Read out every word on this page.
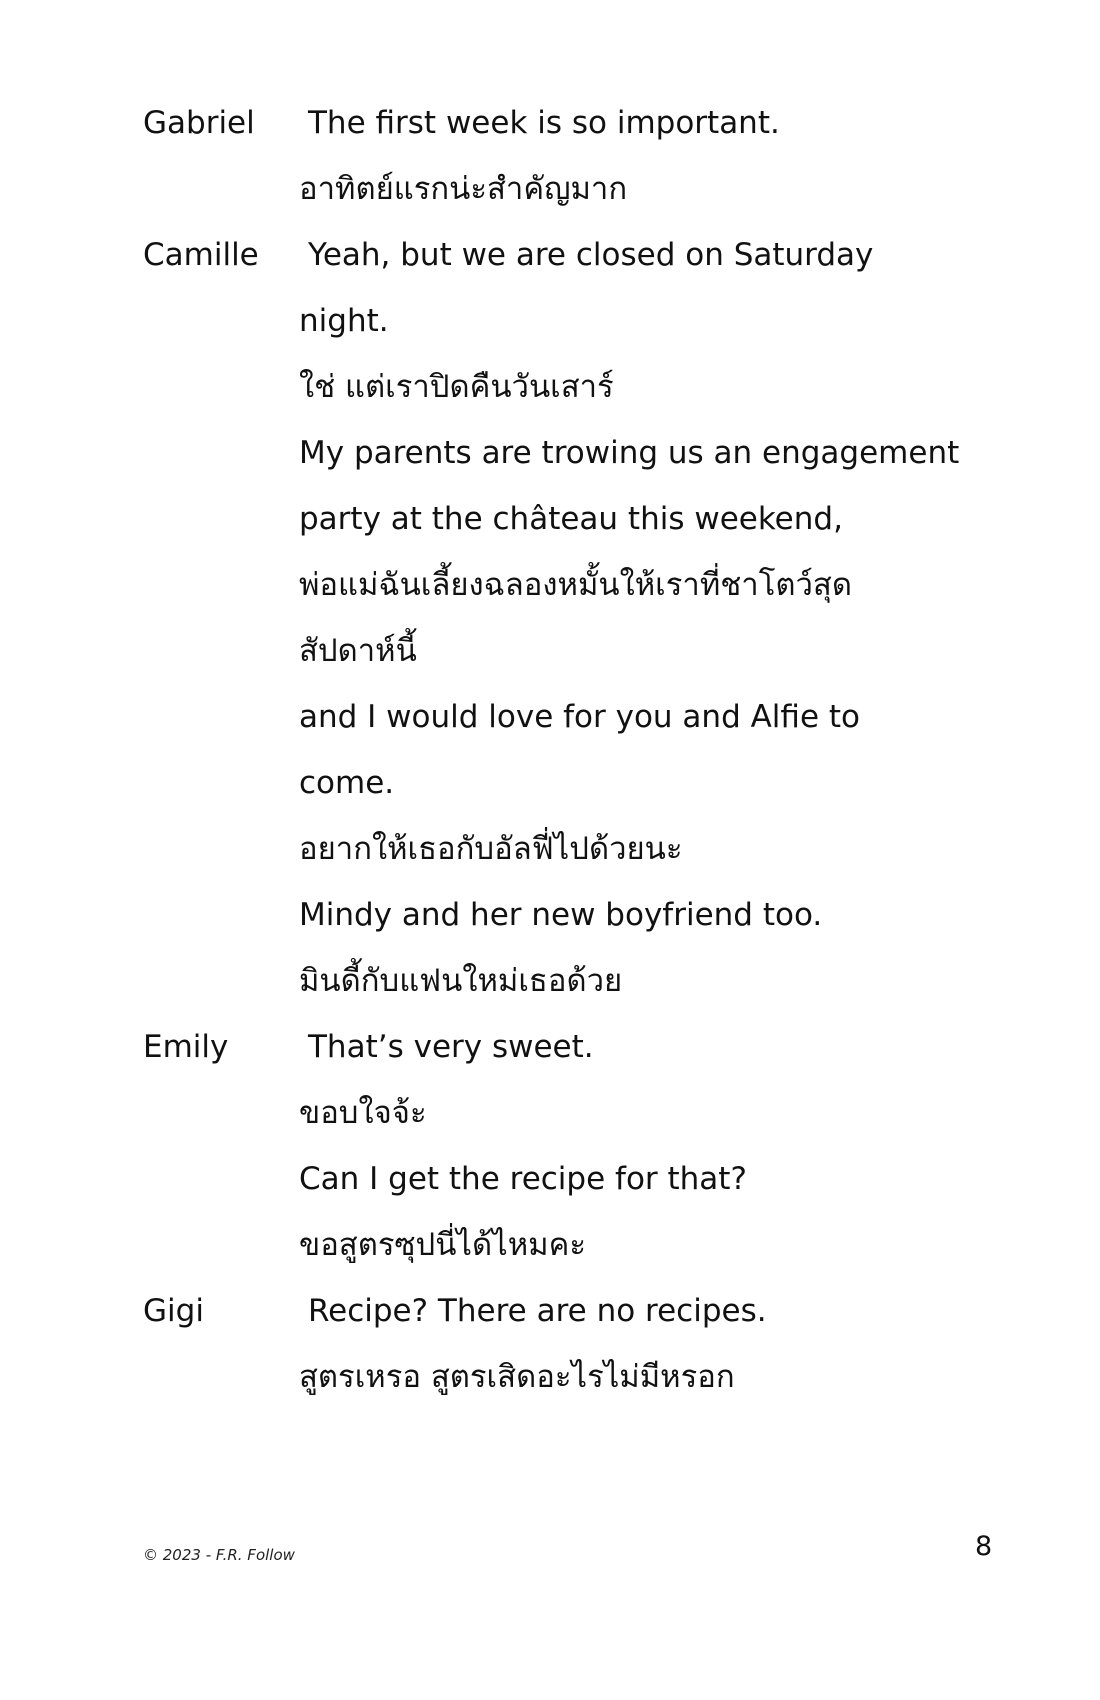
Gabriel The first week is so important.
อาทิตย์แรกน่ะสำคัญมาก
Camille Yeah, but we are closed on Saturday
night.
ใช่ แต่เราปิดคืนวันเสาร์
My parents are trowing us an engagement
party at the château this weekend,
พ่อแม่ฉันเลี้ยงฉลองหมั้นให้เราที่ชาโตว์สุด
สัปดาห์นี้
and I would love for you and Alfie to
come.
อยากให้เธอกับอัลฟี่ไปด้วยนะ
Mindy and her new boyfriend too.
มินดี้กับแฟนใหม่เธอด้วย
Emily	That’s very sweet.
ขอบใจจ้ะ
Can I get the recipe for that?
ขอสูตรซุปนี่ได้ไหมคะ
Gigi	Recipe? There are no recipes.
สูตรเหรอ สูตรเสิดอะไรไม่มีหรอก
© 2023 - F.R. Follow	8
